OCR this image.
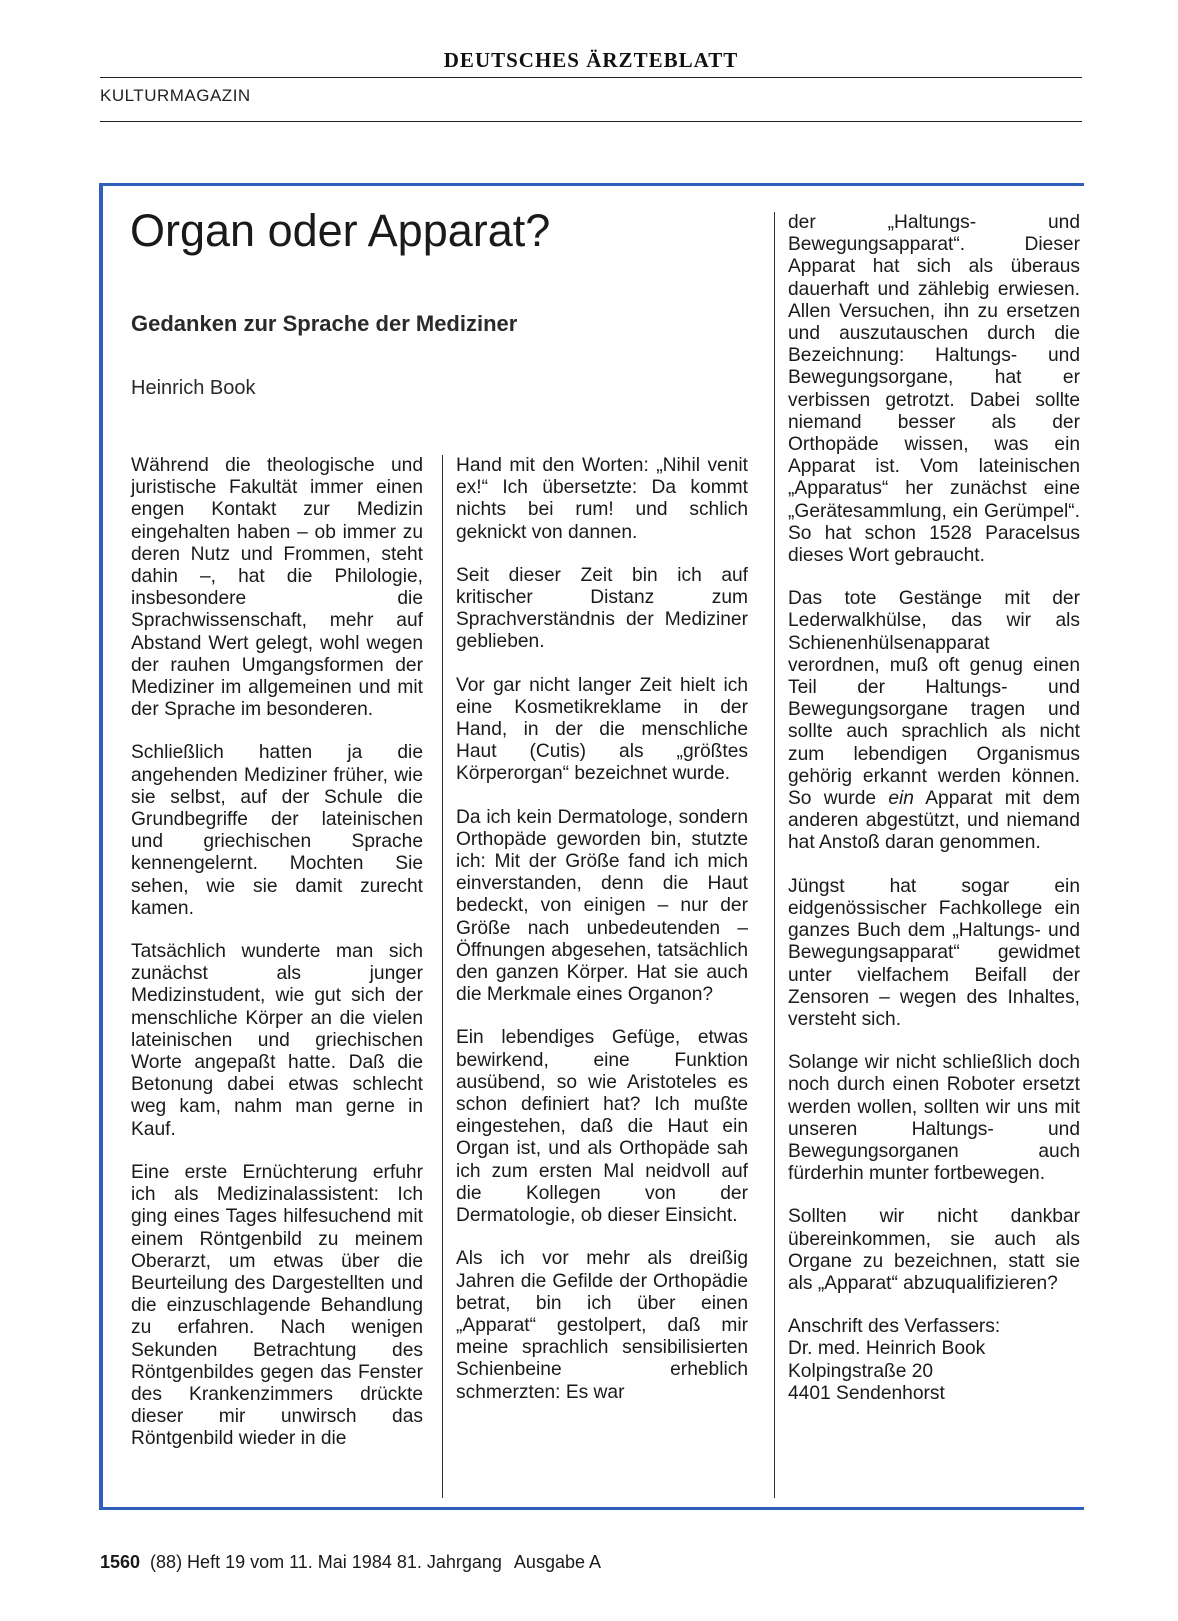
DEUTSCHES ÄRZTEBLATT
KULTURMAGAZIN
Organ oder Apparat?
Gedanken zur Sprache der Mediziner
Heinrich Book

Während die theologische und juristische Fakultät immer einen engen Kontakt zur Medizin eingehalten haben – ob immer zu deren Nutz und Frommen, steht dahin –, hat die Philologie, insbesondere die Sprachwissenschaft, mehr auf Abstand Wert gelegt, wohl wegen der rauhen Umgangsformen der Mediziner im allgemeinen und mit der Sprache im besonderen.

Schließlich hatten ja die angehenden Mediziner früher, wie sie selbst, auf der Schule die Grundbegriffe der lateinischen und griechischen Sprache kennengelernt. Mochten Sie sehen, wie sie damit zurecht kamen.

Tatsächlich wunderte man sich zunächst als junger Medizinstudent, wie gut sich der menschliche Körper an die vielen lateinischen und griechischen Worte angepaßt hatte. Daß die Betonung dabei etwas schlecht weg kam, nahm man gerne in Kauf.

Eine erste Ernüchterung erfuhr ich als Medizinalassistent: Ich ging eines Tages hilfesuchend mit einem Röntgenbild zu meinem Oberarzt, um etwas über die Beurteilung des Dargestellten und die einzuschlagende Behandlung zu erfahren. Nach wenigen Sekunden Betrachtung des Röntgenbildes gegen das Fenster des Krankenzimmers drückte dieser mir unwirsch das Röntgenbild wieder in die

Hand mit den Worten: „Nihil venit ex!“ Ich übersetzte: Da kommt nichts bei rum! und schlich geknickt von dannen.

Seit dieser Zeit bin ich auf kritischer Distanz zum Sprachverständnis der Mediziner geblieben.

Vor gar nicht langer Zeit hielt ich eine Kosmetikreklame in der Hand, in der die menschliche Haut (Cutis) als „größtes Körperorgan“ bezeichnet wurde.

Da ich kein Dermatologe, sondern Orthopäde geworden bin, stutzte ich: Mit der Größe fand ich mich einverstanden, denn die Haut bedeckt, von einigen – nur der Größe nach unbedeutenden – Öffnungen abgesehen, tatsächlich den ganzen Körper. Hat sie auch die Merkmale eines Organon?

Ein lebendiges Gefüge, etwas bewirkend, eine Funktion ausübend, so wie Aristoteles es schon definiert hat? Ich mußte eingestehen, daß die Haut ein Organ ist, und als Orthopäde sah ich zum ersten Mal neidvoll auf die Kollegen von der Dermatologie, ob dieser Einsicht.

Als ich vor mehr als dreißig Jahren die Gefilde der Orthopädie betrat, bin ich über einen „Apparat“ gestolpert, daß mir meine sprachlich sensibilisierten Schienbeine erheblich schmerzten: Es war

der „Haltungs- und Bewegungsapparat“. Dieser Apparat hat sich als überaus dauerhaft und zählebig erwiesen. Allen Versuchen, ihn zu ersetzen und auszutauschen durch die Bezeichnung: Haltungs- und Bewegungsorgane, hat er verbissen getrotzt. Dabei sollte niemand besser als der Orthopäde wissen, was ein Apparat ist. Vom lateinischen „Apparatus“ her zunächst eine „Gerätesammlung, ein Gerümpel“. So hat schon 1528 Paracelsus dieses Wort gebraucht.

Das tote Gestänge mit der Lederwalkhülse, das wir als Schienenhülsenapparat verordnen, muß oft genug einen Teil der Haltungs- und Bewegungsorgane tragen und sollte auch sprachlich als nicht zum lebendigen Organismus gehörig erkannt werden können. So wurde ein Apparat mit dem anderen abgestützt, und niemand hat Anstoß daran genommen.

Jüngst hat sogar ein eidgenössischer Fachkollege ein ganzes Buch dem „Haltungs- und Bewegungsapparat“ gewidmet unter vielfachem Beifall der Zensoren – wegen des Inhaltes, versteht sich.

Solange wir nicht schließlich doch noch durch einen Roboter ersetzt werden wollen, sollten wir uns mit unseren Haltungs- und Bewegungsorganen auch fürderhin munter fortbewegen.

Sollten wir nicht dankbar übereinkommen, sie auch als Organe zu bezeichnen, statt sie als „Apparat“ abzuqualifizieren?

Anschrift des Verfassers:
Dr. med. Heinrich Book
Kolpingstraße 20
4401 Sendenhorst

1560 (88) Heft 19 vom 11. Mai 1984 81. Jahrgang Ausgabe A
